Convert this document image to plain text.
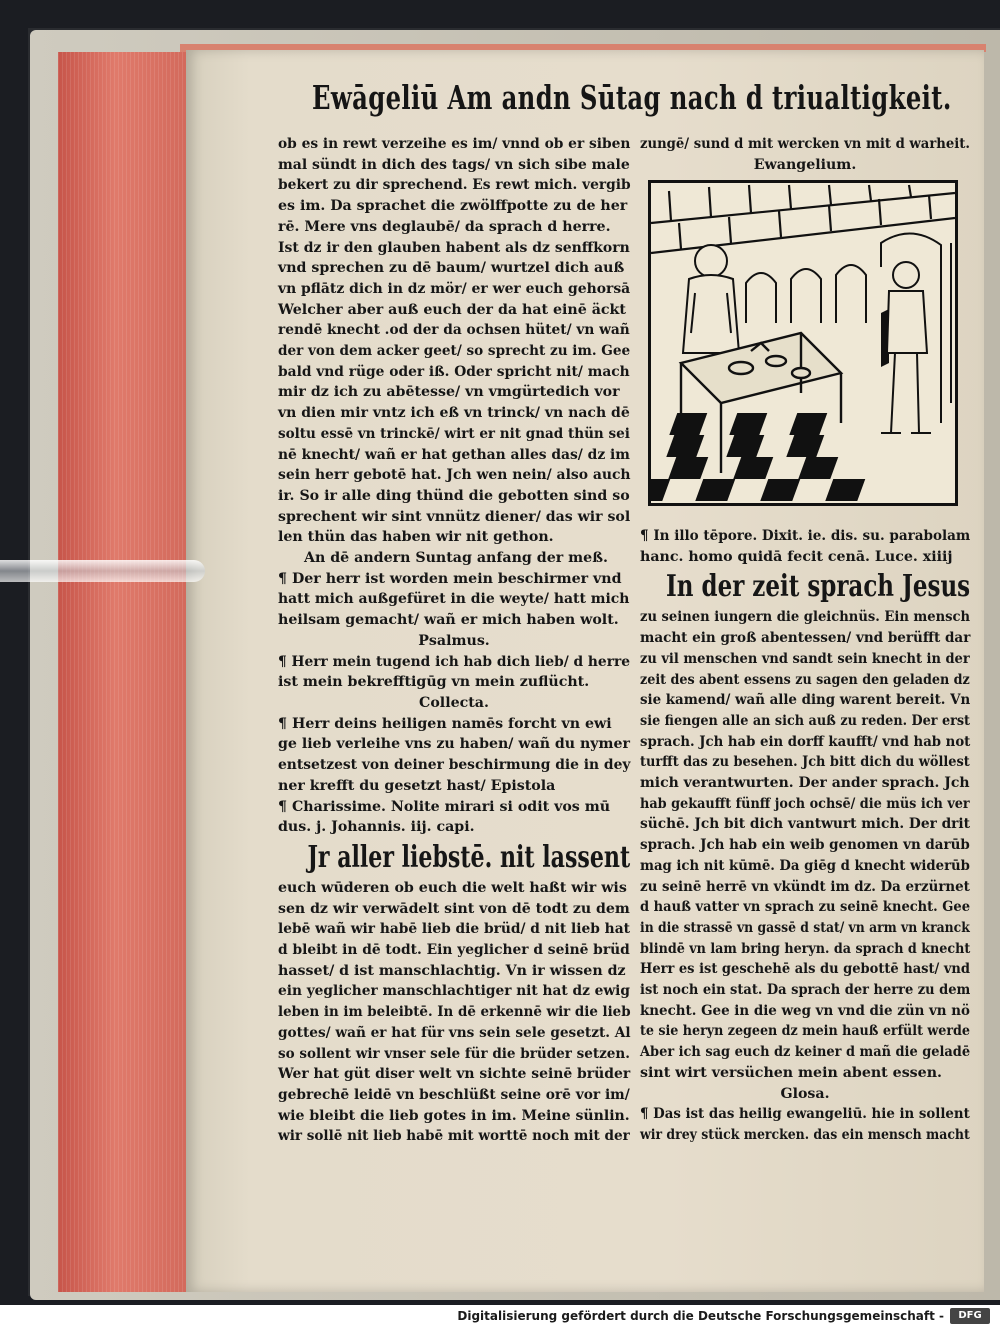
Ewāgeliū Am andn Sūtag nach d triualtigkeit.
ob es in rewt verzeihe es im/ vnnd ob er siben
mal sündt in dich des tags/ vn sich sibe male
bekert zu dir sprechend. Es rewt mich. vergib
es im. Da sprachet die zwölffpotte zu de her
rē. Mere vns deglaubē/ da sprach d herre.
Ist dz ir den glauben habent als dz senffkorn
vnd sprechen zu dē baum/ wurtzel dich auß
vn pflātz dich in dz mör/ er wer euch gehorsā
Welcher aber auß euch der da hat einē äckt
rendē knecht .od der da ochsen hütet/ vn wañ
der von dem acker geet/ so sprecht zu im. Gee
bald vnd rüge oder iß. Oder spricht nit/ mach
mir dz ich zu abētesse/ vn vmgürtedich vor
vn dien mir vntz ich eß vn trinck/ vn nach dē
soltu essē vn trinckē/ wirt er nit gnad thün sei
nē knecht/ wañ er hat gethan alles das/ dz im
sein herr gebotē hat. Jch wen nein/ also auch
ir. So ir alle ding thünd die gebotten sind so
sprechent wir sint vnnütz diener/ das wir sol
len thün das haben wir nit gethon.
An dē andern Suntag anfang der meß.
¶ Der herr ist worden mein beschirmer vnd
hatt mich außgefüret in die weyte/ hatt mich
heilsam gemacht/ wañ er mich haben wolt.
Psalmus.
¶ Herr mein tugend ich hab dich lieb/ d herre
ist mein bekrefftigūg vn mein zuflücht.
Collecta.
¶ Herr deins heiligen namēs forcht vn ewi
ge lieb verleihe vns zu haben/ wañ du nymer
entsetzest von deiner beschirmung die in dey
ner krefft du gesetzt hast/ Epistola
¶ Charissime. Nolite mirari si odit vos mū
dus. j. Johannis. iij. capi.
Jr aller liebstē. nit lassent
euch wūderen ob euch die welt haßt wir wis
sen dz wir verwādelt sint von dē todt zu dem
lebē wañ wir habē lieb die brüd/ d nit lieb hat
d bleibt in dē todt. Ein yeglicher d seinē brüd
hasset/ d ist manschlachtig. Vn ir wissen dz
ein yeglicher manschlachtiger nit hat dz ewig
leben in im beleibtē. In dē erkennē wir die lieb
gottes/ wañ er hat für vns sein sele gesetzt. Al
so sollent wir vnser sele für die brüder setzen.
Wer hat güt diser welt vn sichte seinē brüder
gebrechē leidē vn beschlüßt seine orē vor im/
wie bleibt die lieb gotes in im. Meine sünlin.
wir sollē nit lieb habē mit worttē noch mit der
zungē/ sund d mit wercken vn mit d warheit.
Ewangelium.
¶ In illo tēpore. Dixit. ie. dis. su. parabolam
hanc. homo quidā fecit cenā. Luce. xiiij
In der zeit sprach Jesus
zu seinen iungern die gleichnüs. Ein mensch
macht ein groß abentessen/ vnd berüfft dar
zu vil menschen vnd sandt sein knecht in der
zeit des abent essens zu sagen den geladen dz
sie kamend/ wañ alle ding warent bereit. Vn
sie fiengen alle an sich auß zu reden. Der erst
sprach. Jch hab ein dorff kaufft/ vnd hab not
turfft das zu besehen. Jch bitt dich du wöllest
mich verantwurten. Der ander sprach. Jch
hab gekaufft fünff joch ochsē/ die müs ich ver
süchē. Jch bit dich vantwurt mich. Der drit
sprach. Jch hab ein weib genomen vn darūb
mag ich nit kūmē. Da giēg d knecht widerūb
zu seinē herrē vn vkündt im dz. Da erzürnet
d hauß vatter vn sprach zu seinē knecht. Gee
in die strassē vn gassē d stat/ vn arm vn kranck
blindē vn lam bring heryn. da sprach d knecht
Herr es ist geschehē als du gebottē hast/ vnd
ist noch ein stat. Da sprach der herre zu dem
knecht. Gee in die weg vn vnd die zün vn nö
te sie heryn zegeen dz mein hauß erfült werde
Aber ich sag euch dz keiner d mañ die geladē
sint wirt versüchen mein abent essen.
Glosa.
¶ Das ist das heilig ewangeliū. hie in sollent
wir drey stück mercken. das ein mensch macht
Digitalisierung gefördert durch die Deutsche Forschungsgemeinschaft -	DFG
